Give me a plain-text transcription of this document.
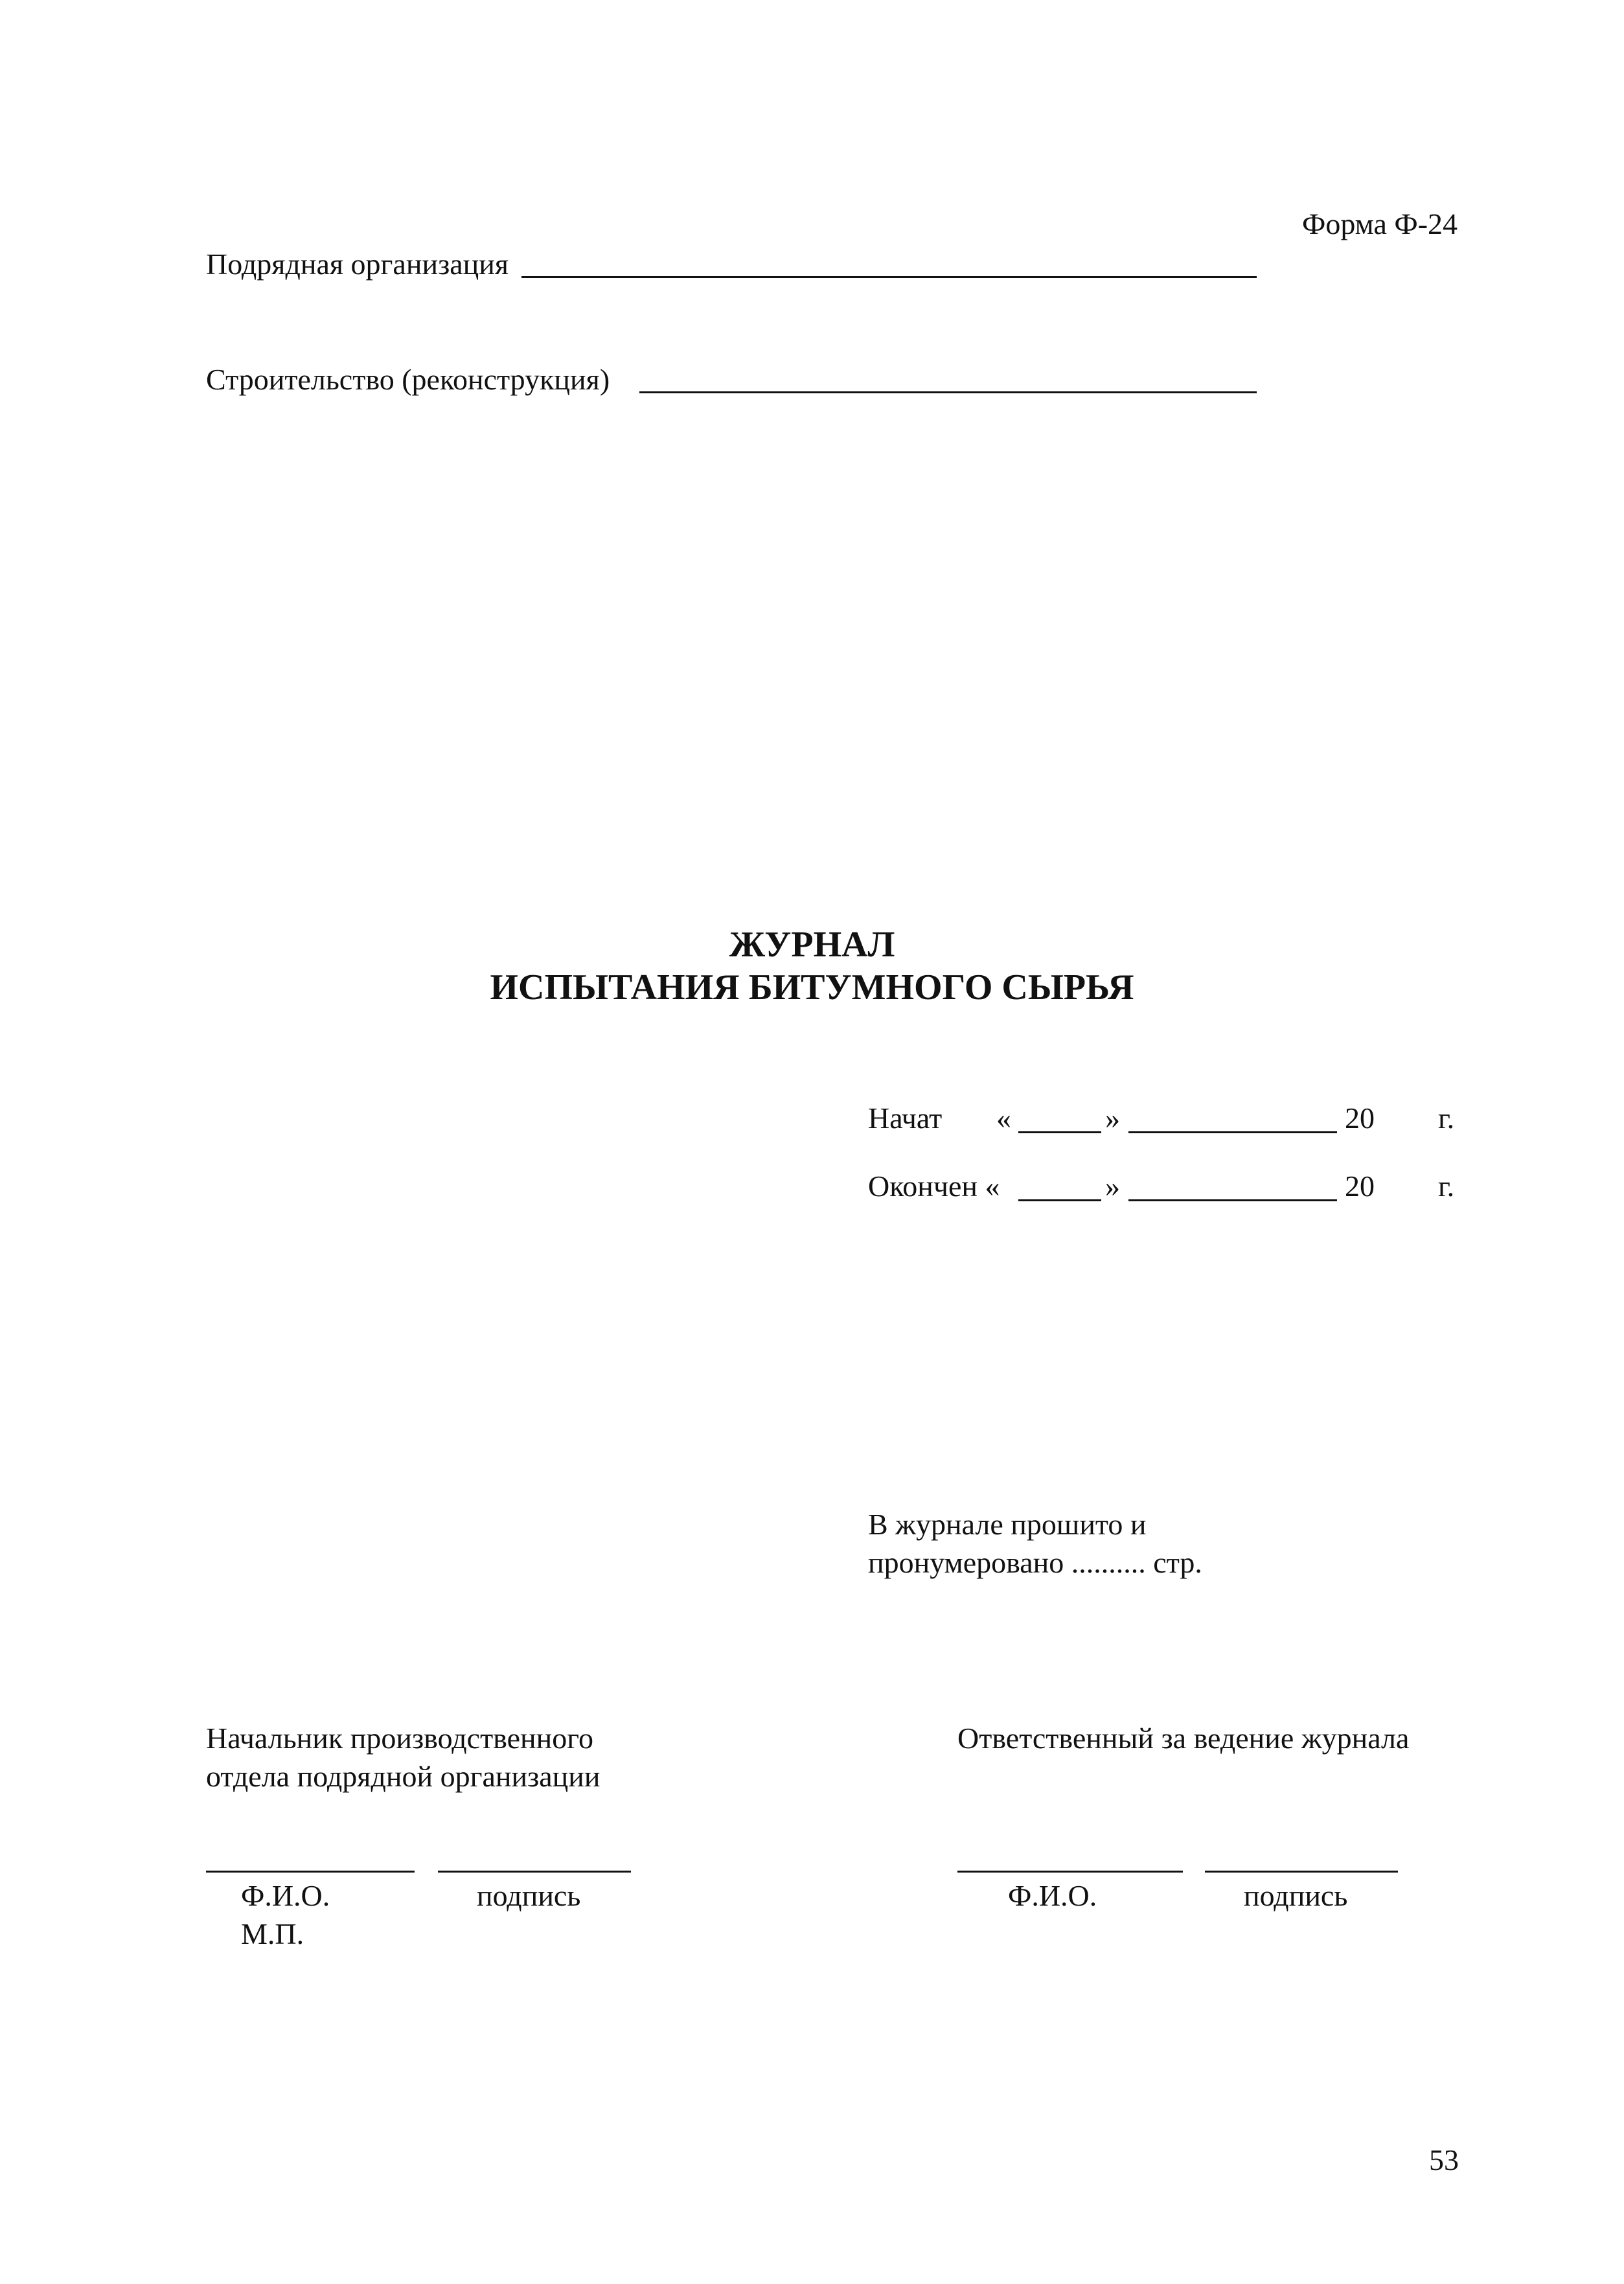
Форма Ф-24
Подрядная организация
Строительство (реконструкция)
ЖУРНАЛ
ИСПЫТАНИЯ БИТУМНОГО СЫРЬЯ
Начат «	»	20 г.
Окончен «	»	20 г.
В журнале прошито и
пронумеровано .......... стр.
Начальник производственного
отдела подрядной организации
Ф.И.О.	подпись
М.П.
Ответственный за ведение журнала
Ф.И.О.	подпись
53
